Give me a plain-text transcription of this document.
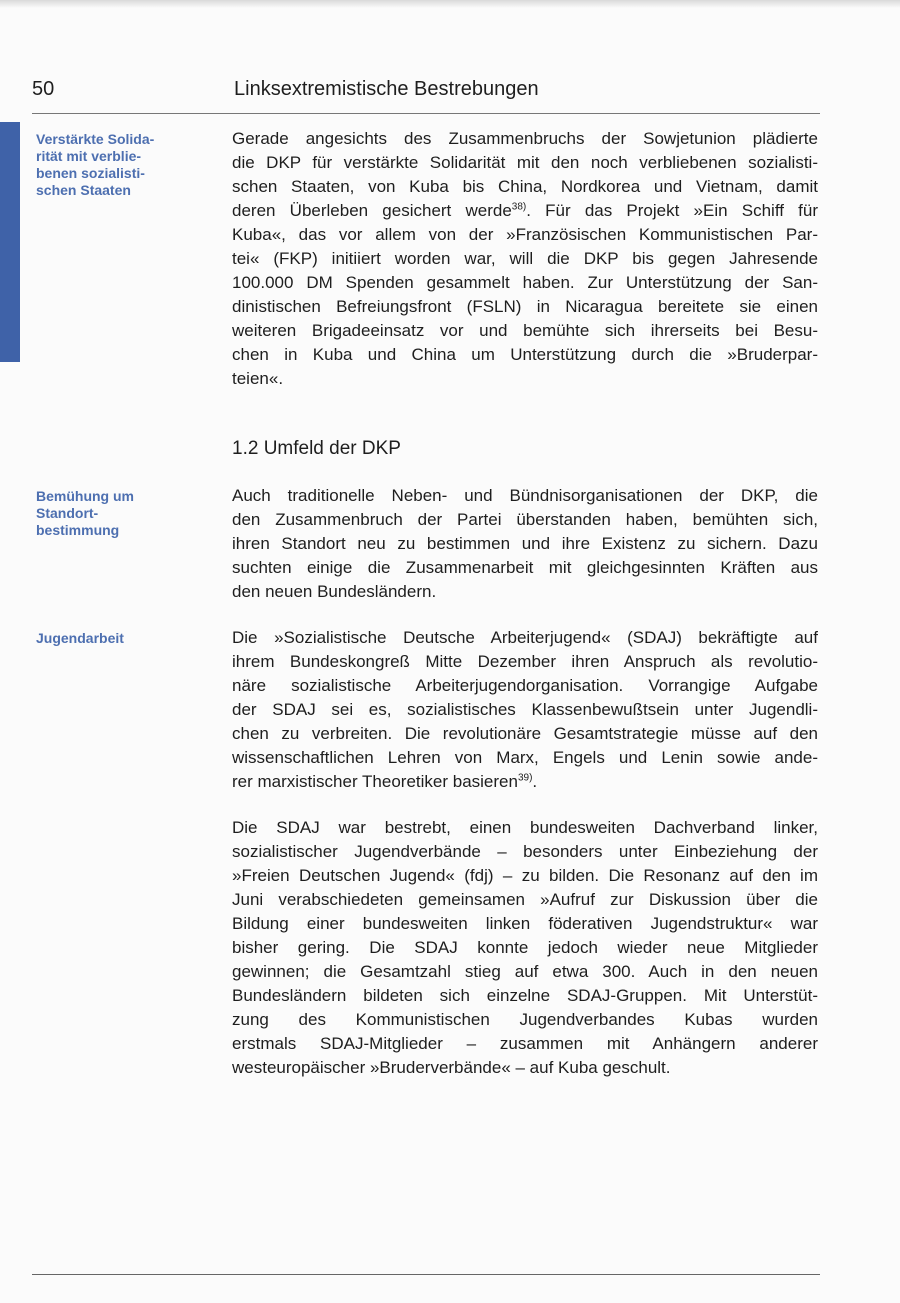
50	Linksextremistische Bestrebungen
Verstärkte Solida-
rität mit verblie-
benen sozialisti-
schen Staaten
Bemühung um
Standort-
bestimmung
Jugendarbeit
Gerade angesichts des Zusammenbruchs der Sowjetunion plädierte
die DKP für verstärkte Solidarität mit den noch verbliebenen sozialisti-
schen Staaten, von Kuba bis China, Nordkorea und Vietnam, damit
deren Überleben gesichert werde$^{38)}$. Für das Projekt »Ein Schiff für
Kuba«, das vor allem von der »Französischen Kommunistischen Par-
tei« (FKP) initiiert worden war, will die DKP bis gegen Jahresende
100.000 DM Spenden gesammelt haben. Zur Unterstützung der San-
dinistischen Befreiungsfront (FSLN) in Nicaragua bereitete sie einen
weiteren Brigadeeinsatz vor und bemühte sich ihrerseits bei Besu-
chen in Kuba und China um Unterstützung durch die »Bruderpar-
teien«.
1.2 Umfeld der DKP
Auch traditionelle Neben- und Bündnisorganisationen der DKP, die
den Zusammenbruch der Partei überstanden haben, bemühten sich,
ihren Standort neu zu bestimmen und ihre Existenz zu sichern. Dazu
suchten einige die Zusammenarbeit mit gleichgesinnten Kräften aus
den neuen Bundesländern.
Die »Sozialistische Deutsche Arbeiterjugend« (SDAJ) bekräftigte auf
ihrem Bundeskongreß Mitte Dezember ihren Anspruch als revolutio-
näre sozialistische Arbeiterjugendorganisation. Vorrangige Aufgabe
der SDAJ sei es, sozialistisches Klassenbewußtsein unter Jugendli-
chen zu verbreiten. Die revolutionäre Gesamtstrategie müsse auf den
wissenschaftlichen Lehren von Marx, Engels und Lenin sowie ande-
rer marxistischer Theoretiker basieren$^{39)}$.
Die SDAJ war bestrebt, einen bundesweiten Dachverband linker,
sozialistischer Jugendverbände – besonders unter Einbeziehung der
»Freien Deutschen Jugend« (fdj) – zu bilden. Die Resonanz auf den im
Juni verabschiedeten gemeinsamen »Aufruf zur Diskussion über die
Bildung einer bundesweiten linken föderativen Jugendstruktur« war
bisher gering. Die SDAJ konnte jedoch wieder neue Mitglieder
gewinnen; die Gesamtzahl stieg auf etwa 300. Auch in den neuen
Bundesländern bildeten sich einzelne SDAJ-Gruppen. Mit Unterstüt-
zung des Kommunistischen Jugendverbandes Kubas wurden
erstmals SDAJ-Mitglieder – zusammen mit Anhängern anderer
westeuropäischer »Bruderverbände« – auf Kuba geschult.
